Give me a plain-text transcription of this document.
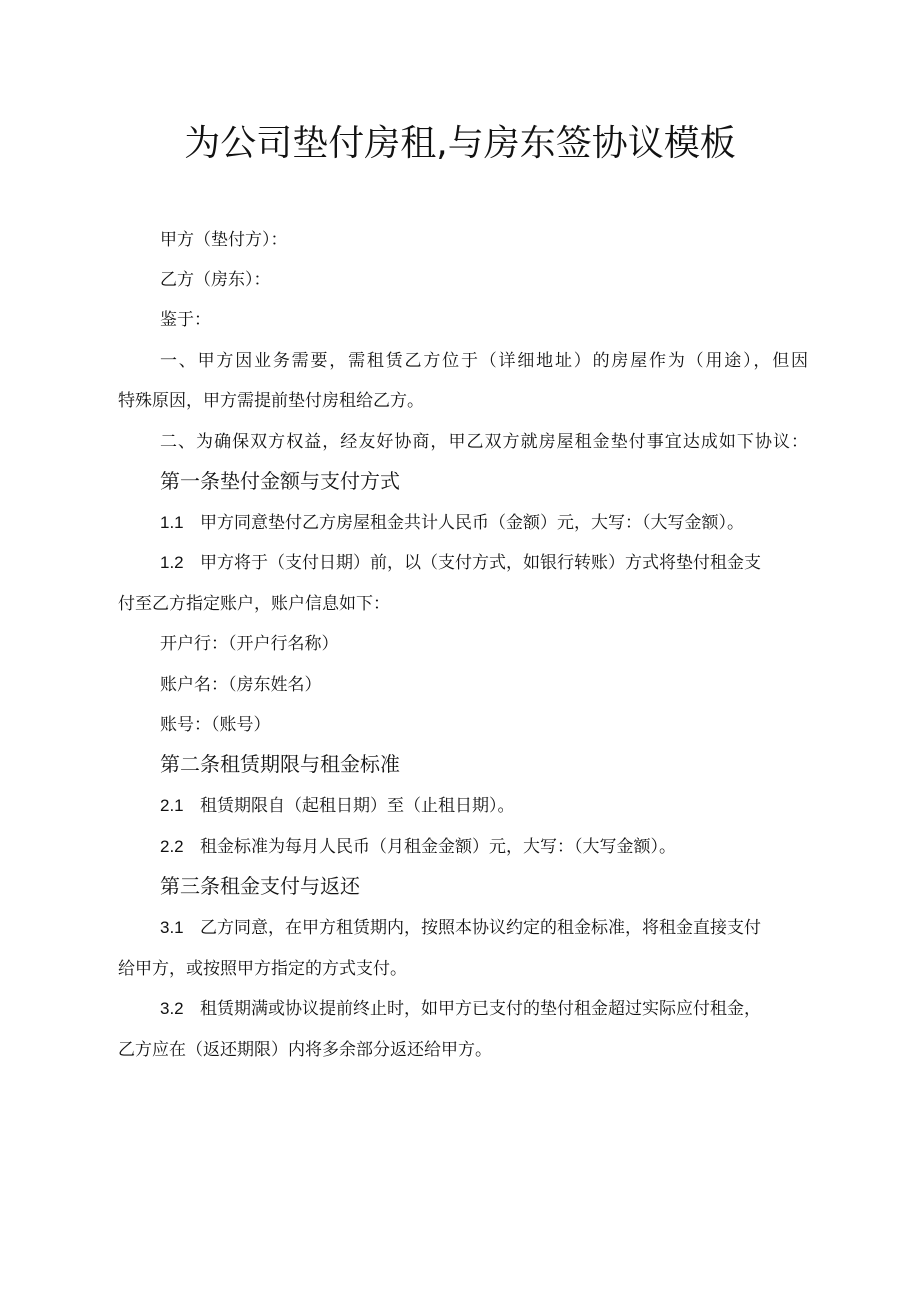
为公司垫付房租,与房东签协议模板

甲方（垫付方）：

乙方（房东）：

鉴于：

一、甲方因业务需要，需租赁乙方位于（详细地址）的房屋作为（用途），但因

特殊原因，甲方需提前垫付房租给乙方。

二、为确保双方权益，经友好协商，甲乙双方就房屋租金垫付事宜达成如下协议：

第一条垫付金额与支付方式

1.1 甲方同意垫付乙方房屋租金共计人民币（金额）元，大写：（大写金额）。

1.2 甲方将于（支付日期）前，以（支付方式，如银行转账）方式将垫付租金支

付至乙方指定账户，账户信息如下：

开户行：（开户行名称）

账户名：（房东姓名）

账号：（账号）

第二条租赁期限与租金标准

2.1 租赁期限自（起租日期）至（止租日期）。

2.2 租金标准为每月人民币（月租金金额）元，大写：（大写金额）。

第三条租金支付与返还

3.1 乙方同意，在甲方租赁期内，按照本协议约定的租金标准，将租金直接支付

给甲方，或按照甲方指定的方式支付。

3.2 租赁期满或协议提前终止时，如甲方已支付的垫付租金超过实际应付租金，

乙方应在（返还期限）内将多余部分返还给甲方。
